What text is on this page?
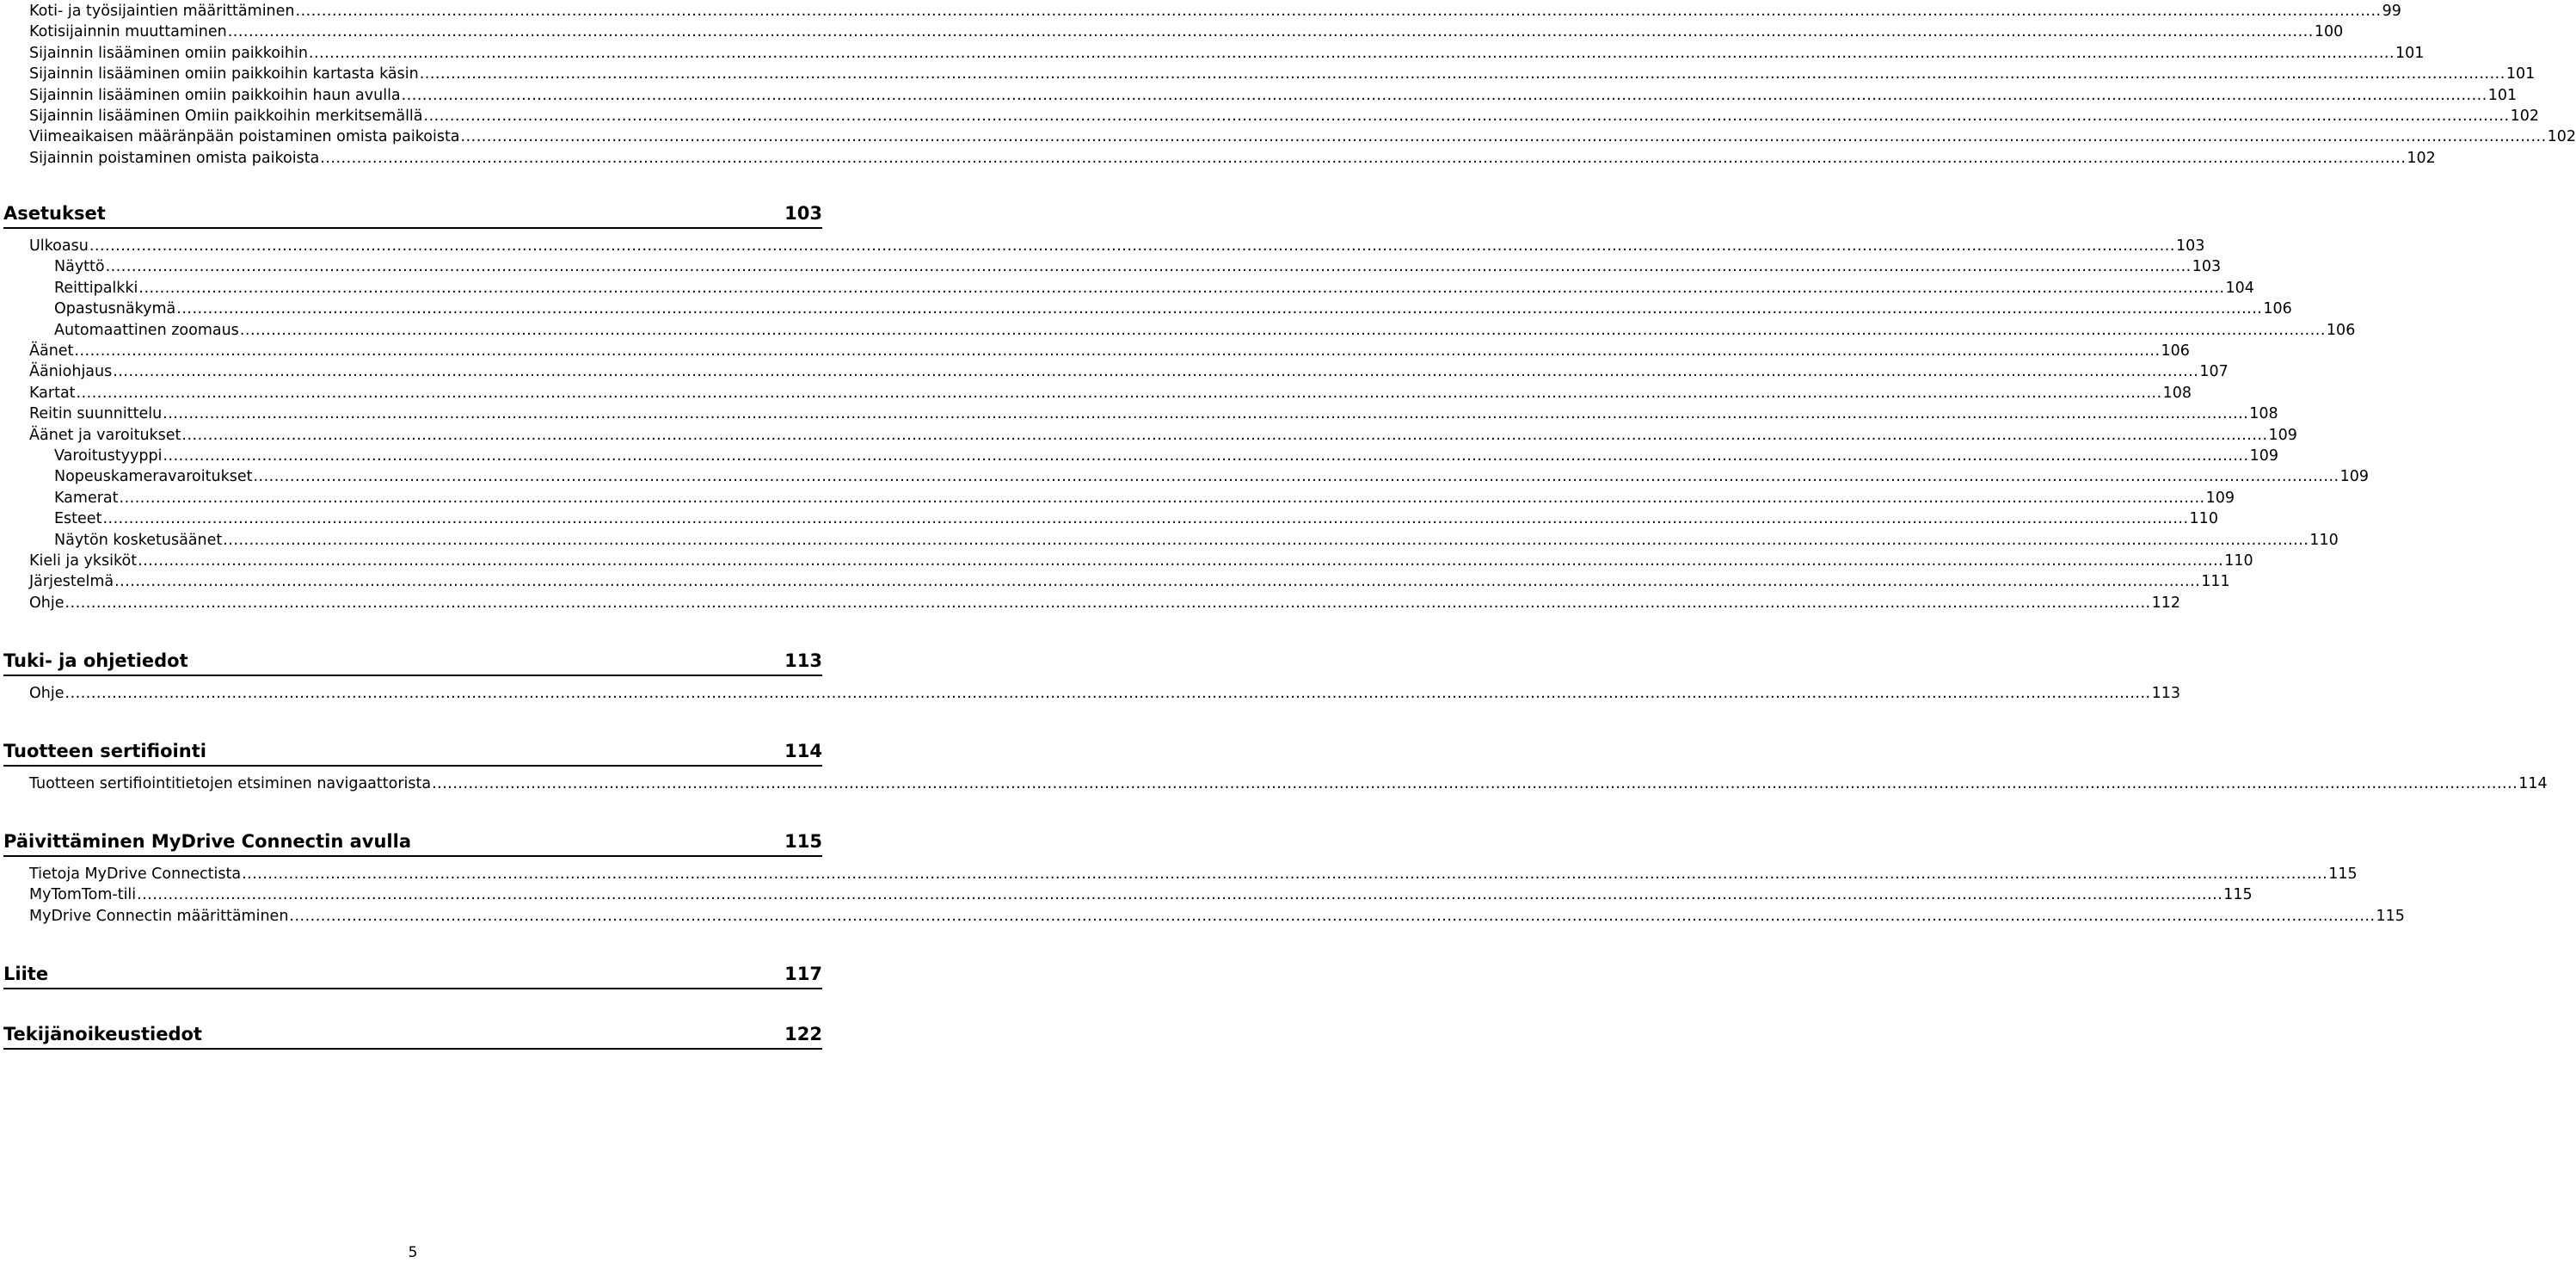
Koti- ja työsijaintien määrittäminen ................................................................................................................................................................................................................................................................................................................................................................................................................ 99
Kotisijainnin muuttaminen ................................................................................................................................................................................................................................................................................................................................................................................................................ 100
Sijainnin lisääminen omiin paikkoihin ................................................................................................................................................................................................................................................................................................................................................................................................................ 101
Sijainnin lisääminen omiin paikkoihin kartasta käsin ................................................................................................................................................................................................................................................................................................................................................................................................................ 101
Sijainnin lisääminen omiin paikkoihin haun avulla ................................................................................................................................................................................................................................................................................................................................................................................................................ 101
Sijainnin lisääminen Omiin paikkoihin merkitsemällä ................................................................................................................................................................................................................................................................................................................................................................................................................ 102
Viimeaikaisen määränpään poistaminen omista paikoista ................................................................................................................................................................................................................................................................................................................................................................................................................ 102
Sijainnin poistaminen omista paikoista ................................................................................................................................................................................................................................................................................................................................................................................................................ 102
Asetukset	103
Ulkoasu ................................................................................................................................................................................................................................................................................................................................................................................................................ 103
Näyttö ................................................................................................................................................................................................................................................................................................................................................................................................................ 103
Reittipalkki ................................................................................................................................................................................................................................................................................................................................................................................................................ 104
Opastusnäkymä ................................................................................................................................................................................................................................................................................................................................................................................................................ 106
Automaattinen zoomaus ................................................................................................................................................................................................................................................................................................................................................................................................................ 106
Äänet ................................................................................................................................................................................................................................................................................................................................................................................................................ 106
Ääniohjaus ................................................................................................................................................................................................................................................................................................................................................................................................................ 107
Kartat ................................................................................................................................................................................................................................................................................................................................................................................................................ 108
Reitin suunnittelu ................................................................................................................................................................................................................................................................................................................................................................................................................ 108
Äänet ja varoitukset ................................................................................................................................................................................................................................................................................................................................................................................................................ 109
Varoitustyyppi ................................................................................................................................................................................................................................................................................................................................................................................................................ 109
Nopeuskameravaroitukset ................................................................................................................................................................................................................................................................................................................................................................................................................ 109
Kamerat ................................................................................................................................................................................................................................................................................................................................................................................................................ 109
Esteet ................................................................................................................................................................................................................................................................................................................................................................................................................ 110
Näytön kosketusäänet ................................................................................................................................................................................................................................................................................................................................................................................................................ 110
Kieli ja yksiköt ................................................................................................................................................................................................................................................................................................................................................................................................................ 110
Järjestelmä ................................................................................................................................................................................................................................................................................................................................................................................................................ 111
Ohje ................................................................................................................................................................................................................................................................................................................................................................................................................ 112
Tuki- ja ohjetiedot	113
Ohje ................................................................................................................................................................................................................................................................................................................................................................................................................ 113
Tuotteen sertifiointi	114
Tuotteen sertifiointitietojen etsiminen navigaattorista ................................................................................................................................................................................................................................................................................................................................................................................................................ 114
Päivittäminen MyDrive Connectin avulla	115
Tietoja MyDrive Connectista ................................................................................................................................................................................................................................................................................................................................................................................................................ 115
MyTomTom-tili ................................................................................................................................................................................................................................................................................................................................................................................................................ 115
MyDrive Connectin määrittäminen ................................................................................................................................................................................................................................................................................................................................................................................................................ 115
Liite	117
Tekijänoikeustiedot	122
5
